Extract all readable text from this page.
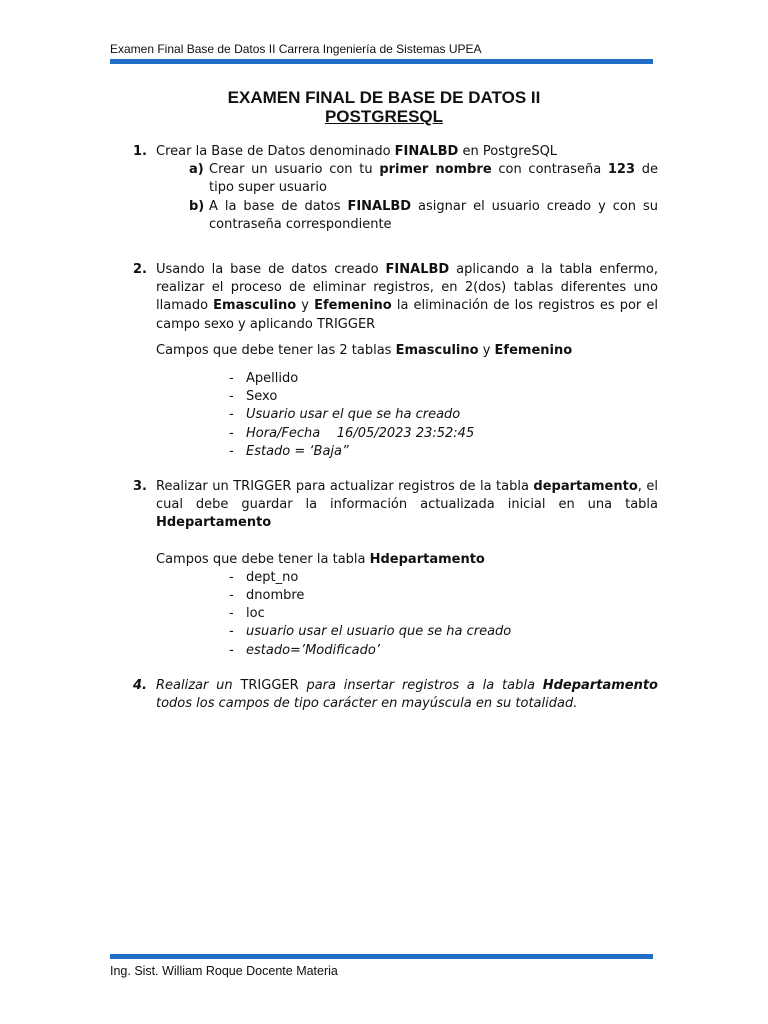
Examen Final Base de Datos II Carrera Ingeniería de Sistemas UPEA
EXAMEN FINAL DE BASE DE DATOS II
POSTGRESQL
1. Crear la Base de Datos denominado FINALBD en PostgreSQL
a) Crear un usuario con tu primer nombre con contraseña 123 de tipo super usuario
b) A la base de datos FINALBD asignar el usuario creado y con su contraseña correspondiente
2. Usando la base de datos creado FINALBD aplicando a la tabla enfermo, realizar el proceso de eliminar registros, en 2(dos) tablas diferentes uno llamado Emasculino y Efemenino la eliminación de los registros es por el campo sexo y aplicando TRIGGER
Campos que debe tener las 2 tablas Emasculino y Efemenino
- Apellido
- Sexo
- Usuario usar el que se ha creado
- Hora/Fecha    16/05/2023 23:52:45
- Estado = ‘Baja”
3. Realizar un TRIGGER para actualizar registros de la tabla departamento, el cual debe guardar la información actualizada inicial en una tabla Hdepartamento
Campos que debe tener la tabla Hdepartamento
- dept_no
- dnombre
- loc
- usuario usar el usuario que se ha creado
- estado=’Modificado’
4. Realizar un TRIGGER para insertar registros a la tabla Hdepartamento todos los campos de tipo carácter en mayúscula en su totalidad.
Ing. Sist. William Roque Docente Materia
